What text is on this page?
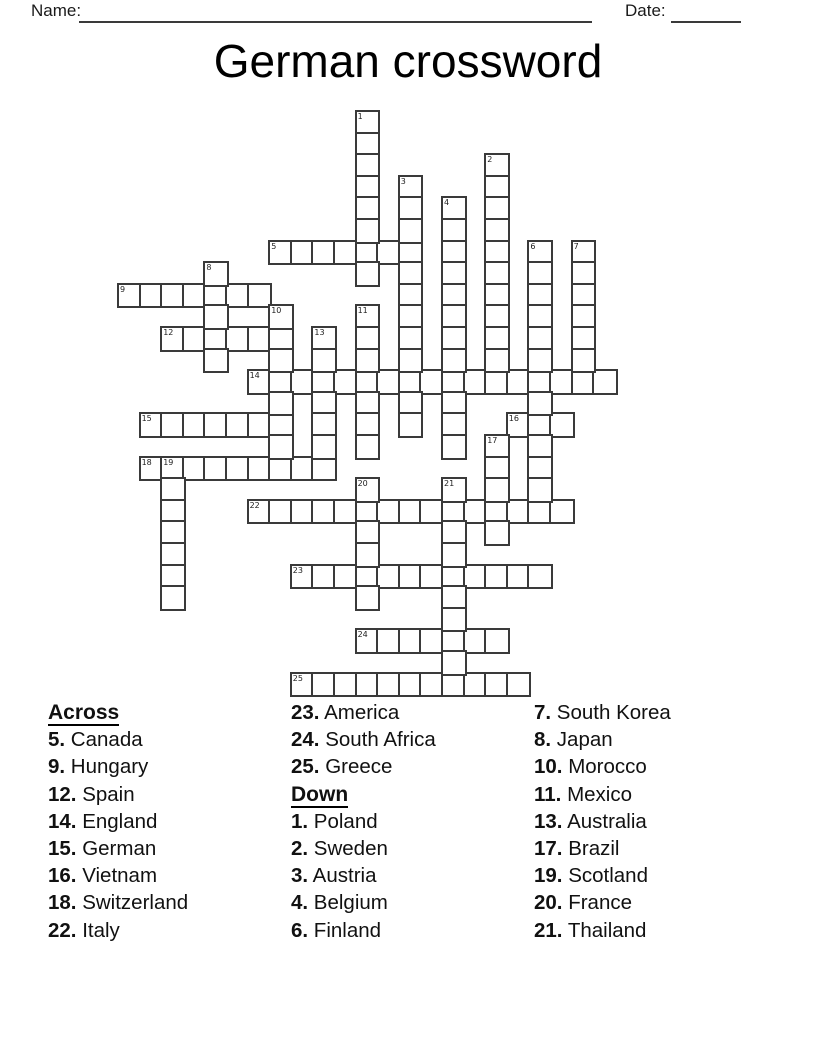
Name:	Date:
German crossword
5
9
12
14
15	16
18 19
22
23
24
25
1
2
3
4
6	7
8
10	11
13
17
20	21
Across
5. Canada
9. Hungary
12. Spain
14. England
15. German
16. Vietnam
18. Switzerland
22. Italy
23. America
24. South Africa
25. Greece
Down
1. Poland
2. Sweden
3. Austria
4. Belgium
6. Finland
7. South Korea
8. Japan
10. Morocco
11. Mexico
13. Australia
17. Brazil
19. Scotland
20. France
21. Thailand
